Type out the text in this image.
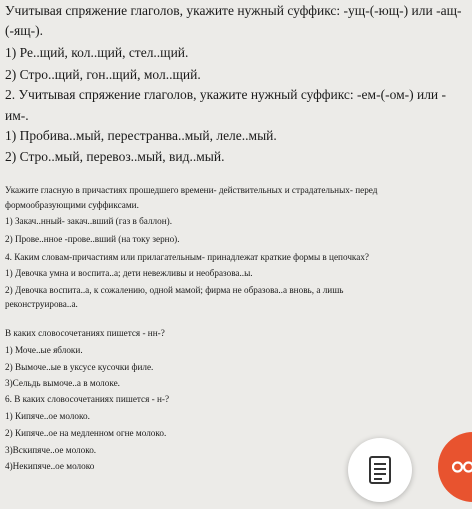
Учитывая спряжение глаголов, укажите нужный суффикс: -ущ-(-ющ-) или -ащ-
(-ящ-).
1) Ре..щий, кол..щий, стел..щий.
2) Стро..щий, гон..щий, мол..щий.
2. Учитывая спряжение глаголов, укажите нужный суффикс: -ем-(-ом-) или -
им-.
1) Пробива..мый, перестранва..мый, леле..мый.
2) Стро..мый, перевоз..мый, вид..мый.
Укажите гласную в причастиях прошедшего времени- действительных и страдательных- перед
формообразующими суффиксами.
1) Закач..нный- закач..вший (газ в баллон).
2) Прове..нное -прове..вший (на току зерно).
4. Каким словам-причастиям или прилагательным- принадлежат краткие формы в цепочках?
1) Девочка умна и воспита..а; дети невежливы и необразова..ы.
2) Девочка воспита..а, к сожалению, одной мамой; фирма не образова..а вновь, а лишь
реконструирова..а.
В каких словосочетаниях пишется - нн-?
1) Моче..ые яблоки.
2) Вымоче..ые в уксусе кусочки филе.
3)Сельдь вымоче..а в молоке.
6. В каких словосочетаниях пишется - н-?
1) Кипяче..ое молоко.
2) Кипяче..ое на медленном огне молоко.
3)Вскипяче..ое молоко.
4)Некипяче..ое молоко
